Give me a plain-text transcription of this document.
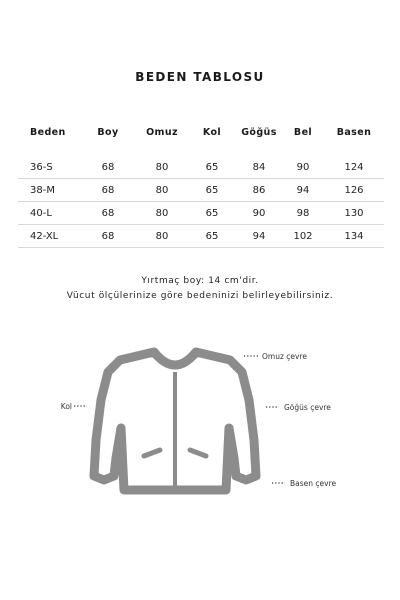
BEDEN TABLOSU
Beden	Boy	Omuz	Kol	Göğüs	Bel	Basen

36-S	68	80	65	84	90	124
38-M	68	80	65	86	94	126
40-L	68	80	65	90	98	130
42-XL	68	80	65	94	102	134
Yırtmaç boy: 14 cm'dir.
Vücut ölçülerinize göre bedeninizi belirleyebilirsiniz.
Omuz çevre
Göğüs çevre
Kol
Basen çevre
